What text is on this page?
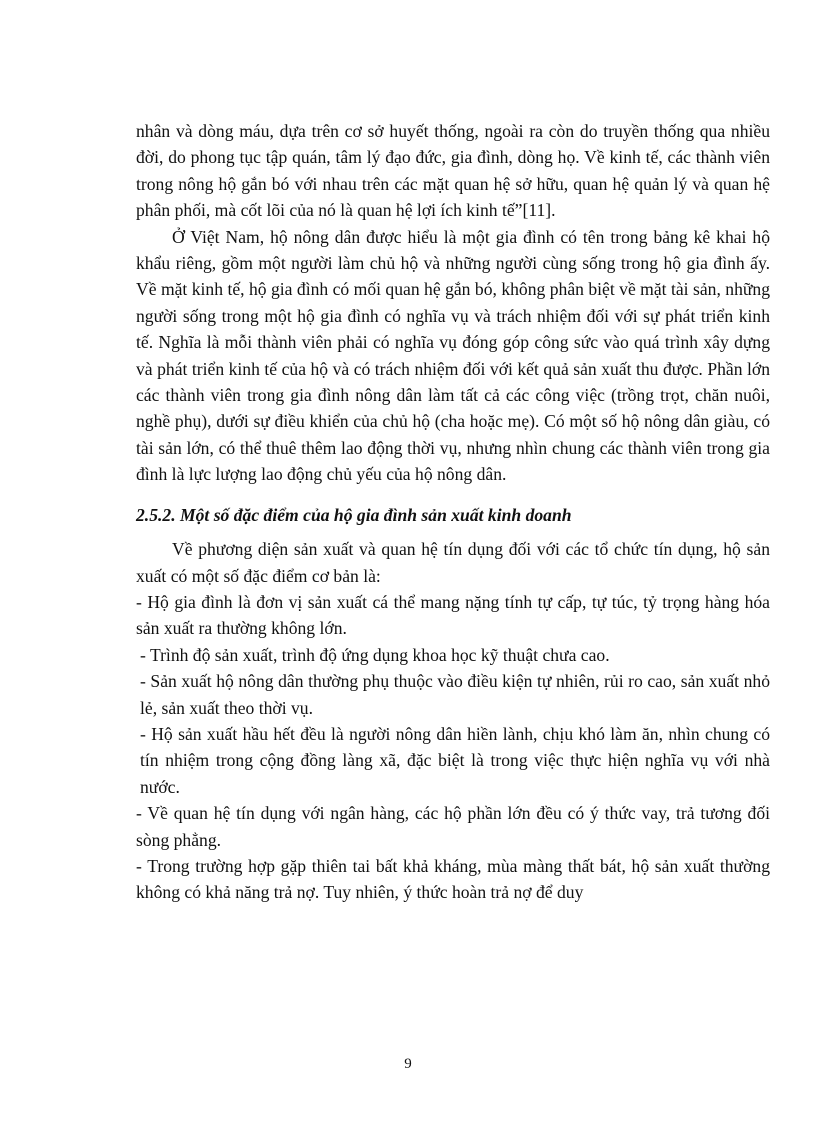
nhân và dòng máu, dựa trên cơ sở huyết thống, ngoài ra còn do truyền thống qua nhiều đời, do phong tục tập quán, tâm lý đạo đức, gia đình, dòng họ. Về kinh tế, các thành viên trong nông hộ gắn bó với nhau trên các mặt quan hệ sở hữu, quan hệ quản lý và quan hệ phân phối, mà cốt lõi của nó là quan hệ lợi ích kinh tế”[11].

Ở Việt Nam, hộ nông dân được hiểu là một gia đình có tên trong bảng kê khai hộ khẩu riêng, gồm một người làm chủ hộ và những người cùng sống trong hộ gia đình ấy. Về mặt kinh tế, hộ gia đình có mối quan hệ gắn bó, không phân biệt về mặt tài sản, những người sống trong một hộ gia đình có nghĩa vụ và trách nhiệm đối với sự phát triển kinh tế. Nghĩa là mỗi thành viên phải có nghĩa vụ đóng góp công sức vào quá trình xây dựng và phát triển kinh tế của hộ và có trách nhiệm đối với kết quả sản xuất thu được. Phần lớn các thành viên trong gia đình nông dân làm tất cả các công việc (trồng trọt, chăn nuôi, nghề phụ), dưới sự điều khiển của chủ hộ (cha hoặc mẹ). Có một số hộ nông dân giàu, có tài sản lớn, có thể thuê thêm lao động thời vụ, nhưng nhìn chung các thành viên trong gia đình là lực lượng lao động chủ yếu của hộ nông dân.

2.5.2. Một số đặc điểm của hộ gia đình sản xuất kinh doanh

Về phương diện sản xuất và quan hệ tín dụng đối với các tổ chức tín dụng, hộ sản xuất có một số đặc điểm cơ bản là:

- Hộ gia đình là đơn vị sản xuất cá thể mang nặng tính tự cấp, tự túc, tỷ trọng hàng hóa sản xuất ra thường không lớn.

- Trình độ sản xuất, trình độ ứng dụng khoa học kỹ thuật chưa cao.

- Sản xuất hộ nông dân thường phụ thuộc vào điều kiện tự nhiên, rủi ro cao, sản xuất nhỏ lẻ, sản xuất theo thời vụ.

- Hộ sản xuất hầu hết đều là người nông dân hiền lành, chịu khó làm ăn, nhìn chung có tín nhiệm trong cộng đồng làng xã, đặc biệt là trong việc thực hiện nghĩa vụ với nhà nước.

- Về quan hệ tín dụng với ngân hàng, các hộ phần lớn đều có ý thức vay, trả tương đối sòng phẳng.

- Trong trường hợp gặp thiên tai bất khả kháng, mùa màng thất bát, hộ sản xuất thường không có khả năng trả nợ. Tuy nhiên, ý thức hoàn trả nợ để duy

9
